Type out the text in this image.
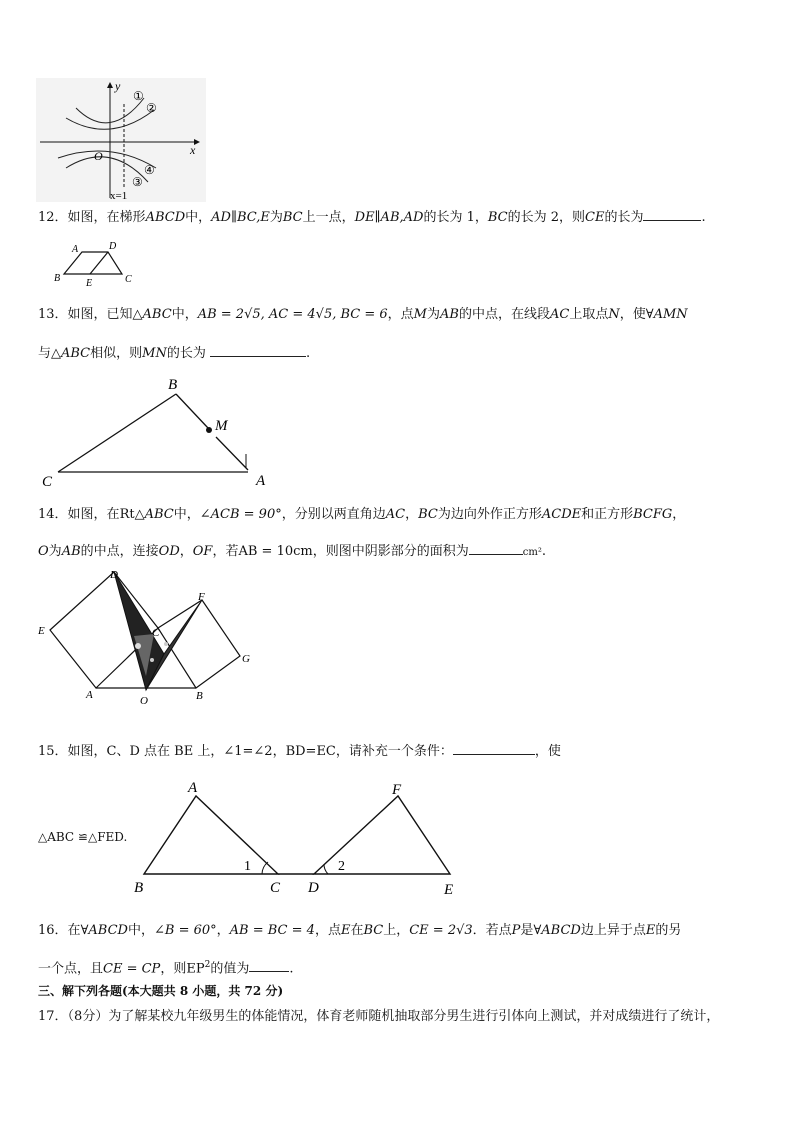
y
x
O
①
②
③
④
x=1
12．如图，在梯形ABCD中，AD∥BC,E为BC上一点，DE∥AB,AD的长为 1，BC的长为 2，则CE的长为	.
A	D
B	E	C
13．如图，已知△ABC中，AB = 2√5, AC = 4√5, BC = 6，点M为AB的中点，在线段AC上取点N，使∀AMN
与△ABC相似，则MN的长为	.
B
M
C	A
14．如图，在Rt△ABC中，∠ACB = 90°，分别以两直角边AC，BC为边向外作正方形ACDE和正方形BCFG，
O为AB的中点，连接OD，OF，若AB = 10cm，则图中阴影部分的面积为	cm².
D
E
F
C
G
A	O	B
15．如图，C、D 点在 BE 上，∠1=∠2，BD=EC，请补充一个条件：	，使
△ABC ≌△FED.
A	F
1	2
B	C D	E
16．在∀ABCD中，∠B = 60°，AB = BC = 4，点E在BC上，CE = 2√3．若点P是∀ABCD边上异于点E的另
一个点，且CE = CP，则$EP^2$的值为	.
三、解下列各题(本大题共 8 小题，共 72 分)
17．（8分）为了解某校九年级男生的体能情况，体育老师随机抽取部分男生进行引体向上测试，并对成绩进行了统计，
